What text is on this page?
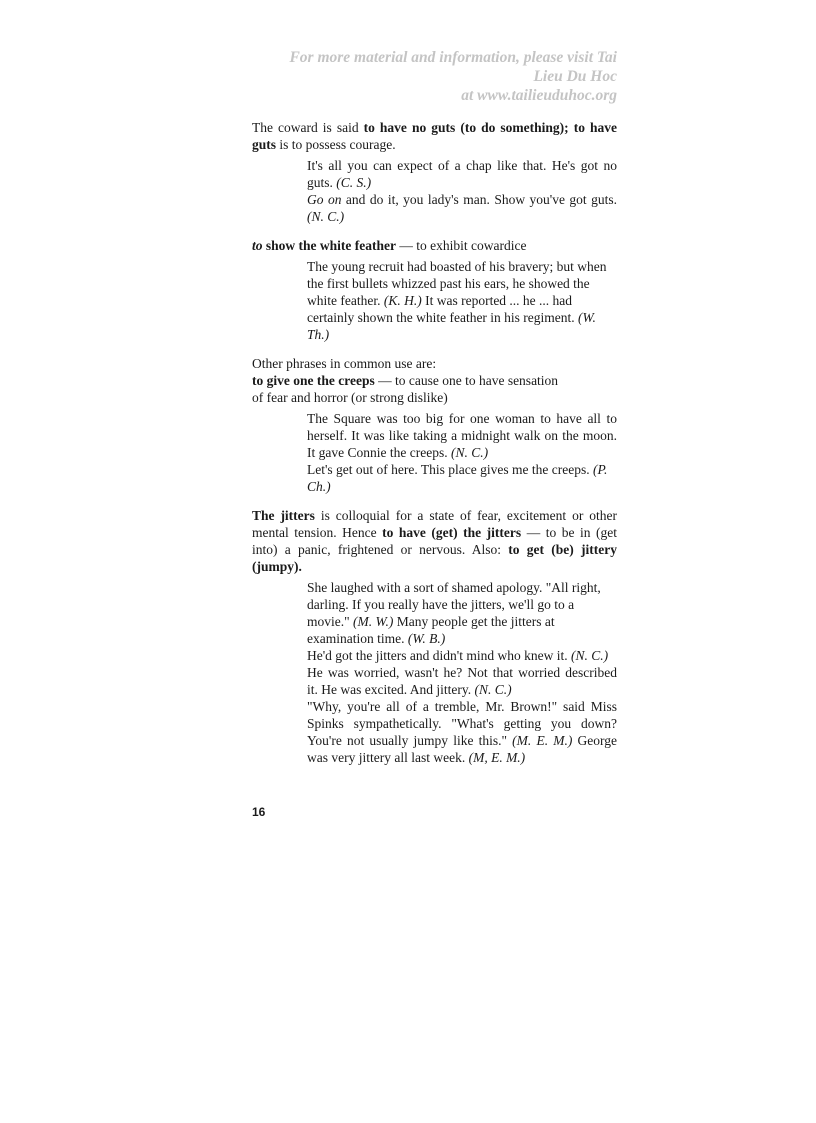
For more material and information, please visit Tai
Lieu Du Hoc
at www.tailieuduhoc.org

The coward is said to have no guts (to do something); to have guts is to possess courage.

It's all you can expect of a chap like that. He's got no guts. (C. S.)
Go on and do it, you lady's man. Show you've got guts. (N. C.)

to show the white feather — to exhibit cowardice

The young recruit had boasted of his bravery; but when the first bullets whizzed past his ears, he showed the white feather. (K. H.) It was reported ... he ... had certainly shown the white feather in his regiment. (W. Th.)

Other phrases in common use are:
to give one the creeps — to cause one to have sensation
of fear and horror (or strong dislike)

The Square was too big for one woman to have all to herself. It was like taking a midnight walk on the moon. It gave Connie the creeps. (N. C.)
Let's get out of here. This place gives me the creeps. (P. Ch.)

The jitters is colloquial for a state of fear, excitement or other mental tension. Hence to have (get) the jitters — to be in (get into) a panic, frightened or nervous. Also: to get (be) jittery (jumpy).

She laughed with a sort of shamed apology. "All right, darling. If you really have the jitters, we'll go to a movie." (M. W.) Many people get the jitters at examination time. (W. B.)
He'd got the jitters and didn't mind who knew it. (N. C.)
He was worried, wasn't he? Not that worried described it. He was excited. And jittery. (N. C.)
"Why, you're all of a tremble, Mr. Brown!" said Miss Spinks sympathetically. "What's getting you down? You're not usually jumpy like this." (M. E. M.) George was very jittery all last week. (M, E. M.)
16
